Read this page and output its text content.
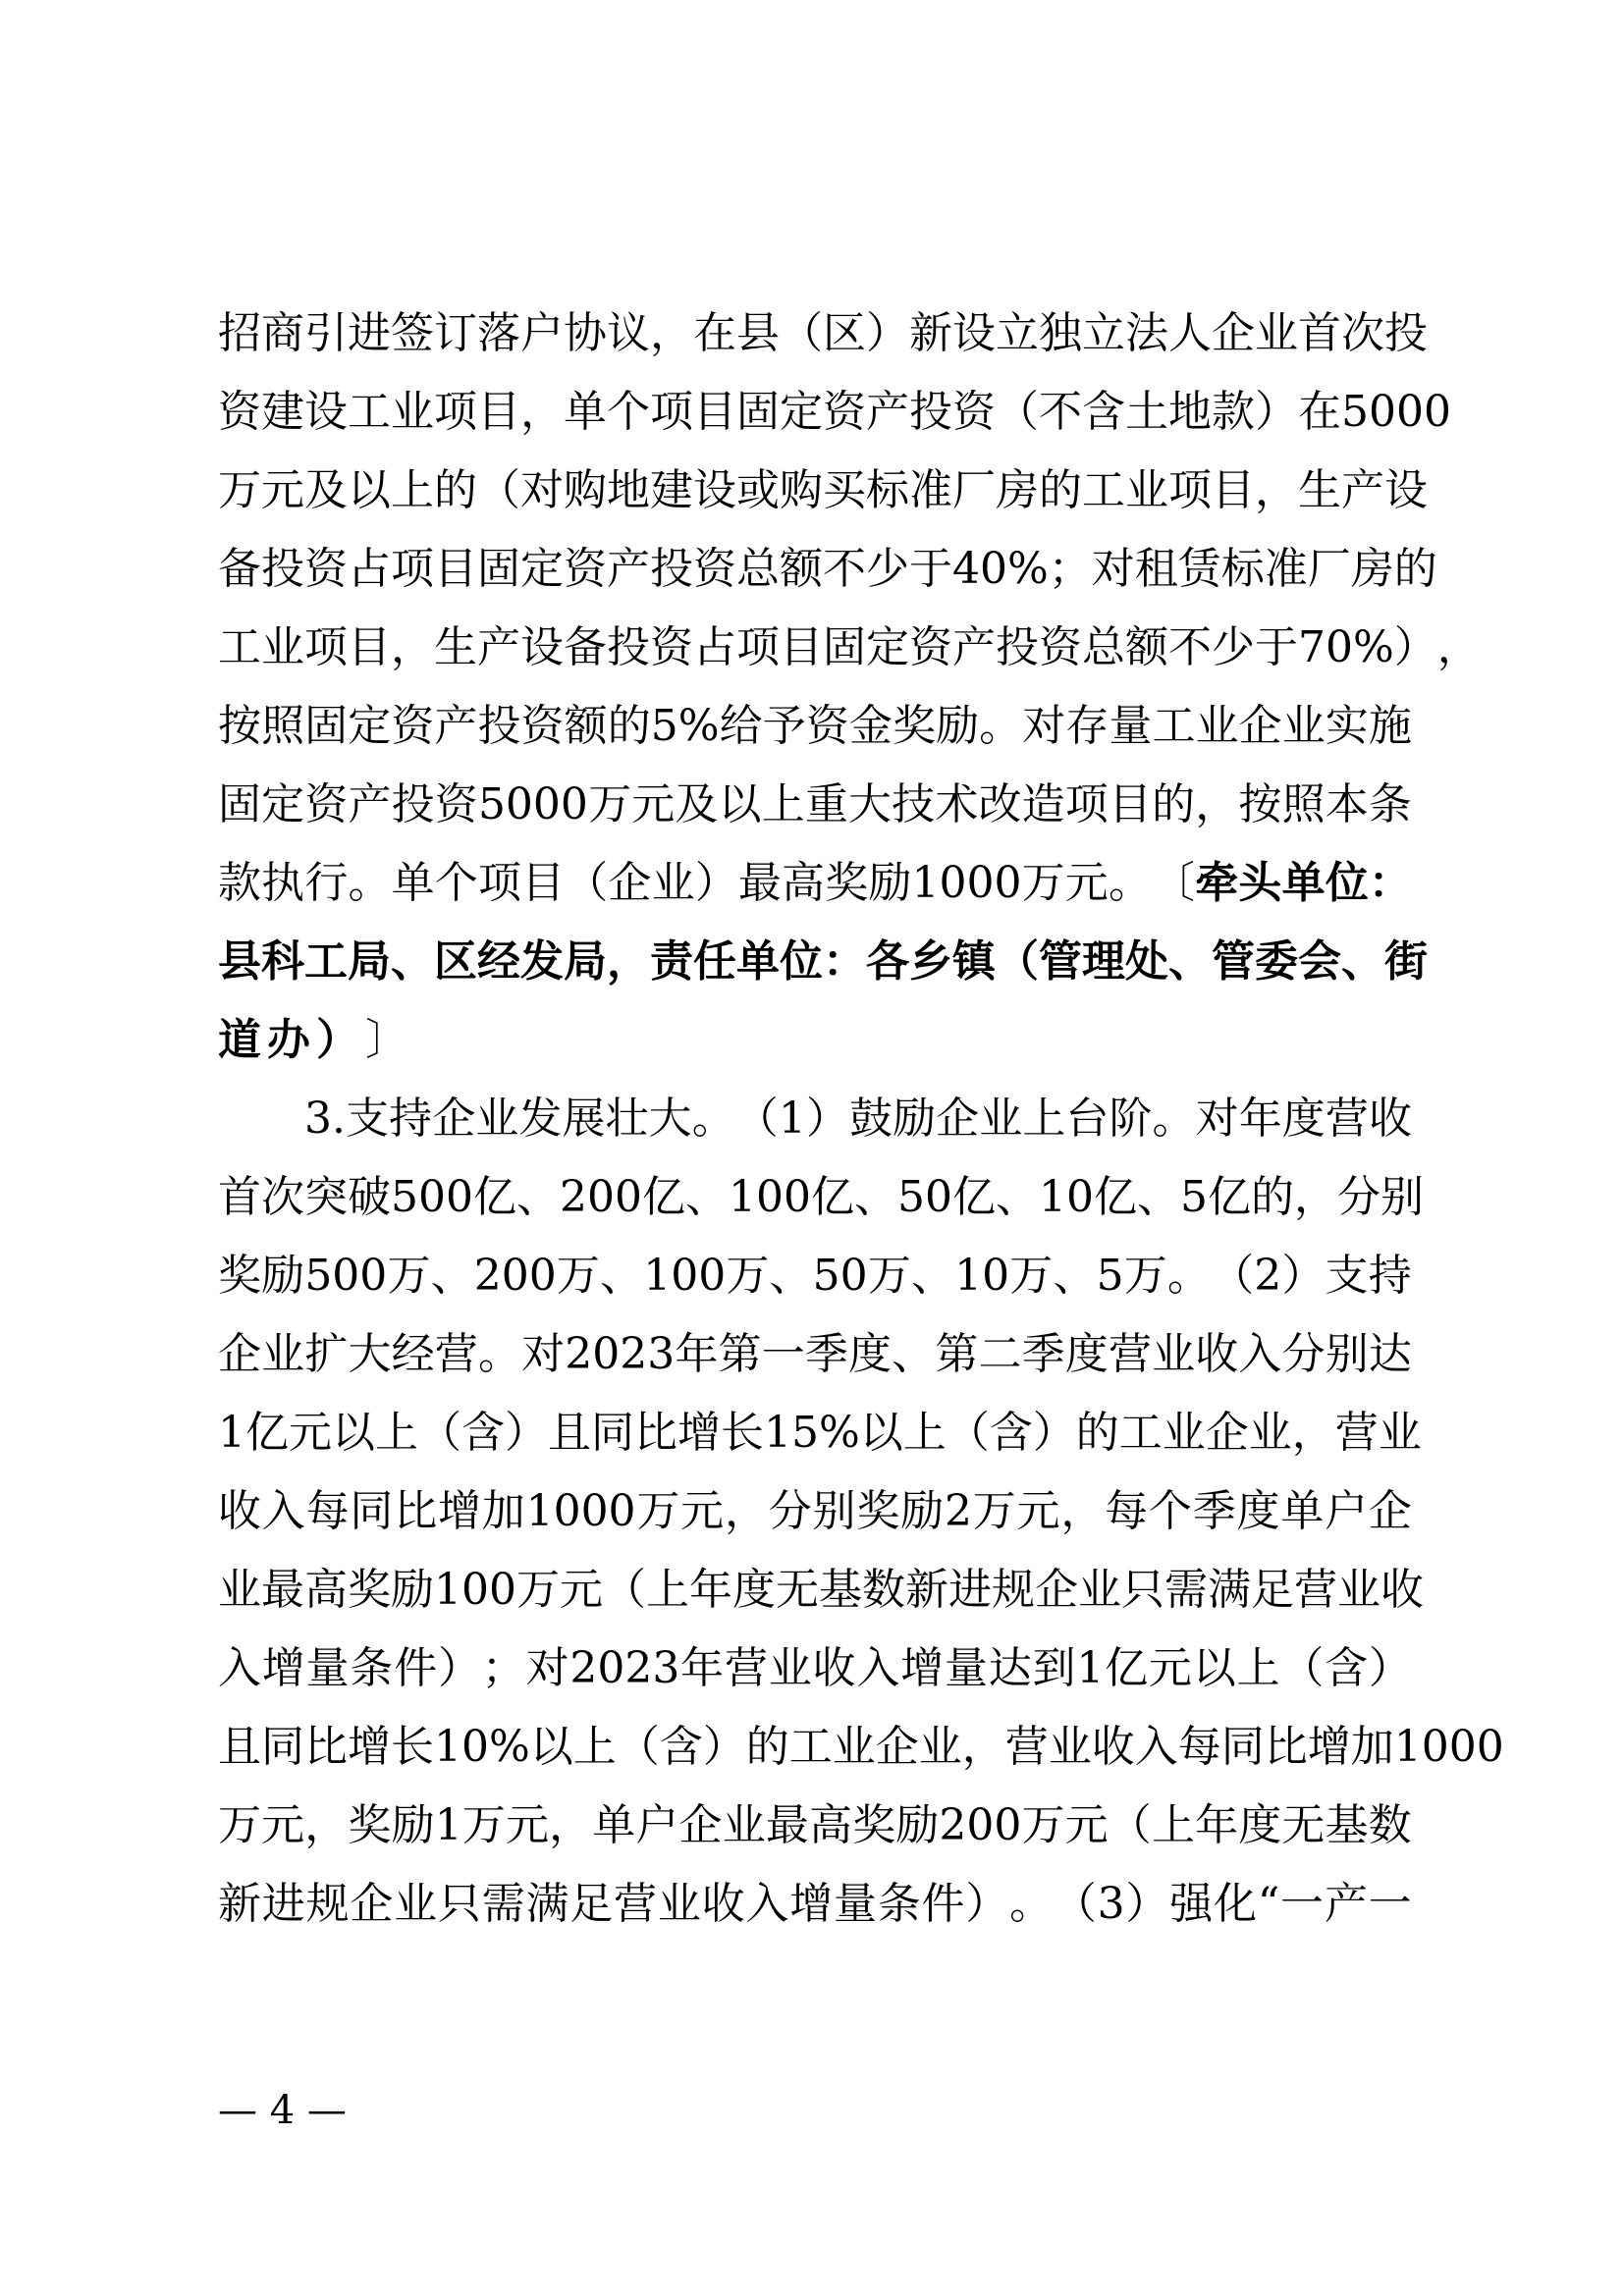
招 商 引 进 签 订 落 户 协 议 ， 在 县 （ 区 ） 新 设 立 独 立 法 人 企 业 首 次 投
资 建 设 工 业 项 目 ， 单 个 项 目 固 定 资 产 投 资 （ 不 含 土 地 款 ） 在 5000
万 元 及 以 上 的 （ 对 购 地 建 设 或 购 买 标 准 厂 房 的 工 业 项 目 ， 生 产 设
备 投 资 占 项 目 固 定 资 产 投 资 总 额 不 少 于 40% ； 对 租 赁 标 准 厂 房 的
工 业 项 目 ， 生 产 设 备 投 资 占 项 目 固 定 资 产 投 资 总 额 不 少 于 70% ） ，
按 照 固 定 资 产 投 资 额 的 5% 给 予 资 金 奖 励 。 对 存 量 工 业 企 业 实 施
固 定 资 产 投 资 5000 万 元 及 以 上 重 大 技 术 改 造 项 目 的 ， 按 照 本 条
款 执 行 。 单 个 项 目 （ 企 业 ） 最 高 奖 励 1000 万 元 。 〔 牵 头 单 位 ：
县 科 工 局 、 区 经 发 局 ， 责 任 单 位 ： 各 乡 镇 （ 管 理 处 、 管 委 会 、 街
道 办 ） 〕
3. 支 持 企 业 发 展 壮 大 。 （ 1 ） 鼓 励 企 业 上 台 阶 。 对 年 度 营 收
首 次 突 破 500 亿 、 200 亿 、 100 亿 、 50 亿 、 10 亿 、 5 亿 的 ， 分 别
奖 励 500 万 、 200 万 、 100 万 、 50 万 、 10 万 、 5 万 。 （ 2 ） 支 持
企 业 扩 大 经 营 。 对 2023 年 第 一 季 度 、 第 二 季 度 营 业 收 入 分 别 达
1 亿 元 以 上 （ 含 ） 且 同 比 增 长 15% 以 上 （ 含 ） 的 工 业 企 业 ， 营 业
收 入 每 同 比 增 加 1000 万 元 ， 分 别 奖 励 2 万 元 ， 每 个 季 度 单 户 企
业 最 高 奖 励 100 万 元 （ 上 年 度 无 基 数 新 进 规 企 业 只 需 满 足 营 业 收
入 增 量 条 件 ） ； 对 2023 年 营 业 收 入 增 量 达 到 1 亿 元 以 上 （ 含 ）
且 同 比 增 长 10% 以 上 （ 含 ） 的 工 业 企 业 ， 营 业 收 入 每 同 比 增 加 1000
万 元 ， 奖 励 1 万 元 ， 单 户 企 业 最 高 奖 励 200 万 元 （ 上 年 度 无 基 数
新 进 规 企 业 只 需 满 足 营 业 收 入 增 量 条 件 ） 。 （ 3 ） 强 化 “ 一 产 一
— 4 —
